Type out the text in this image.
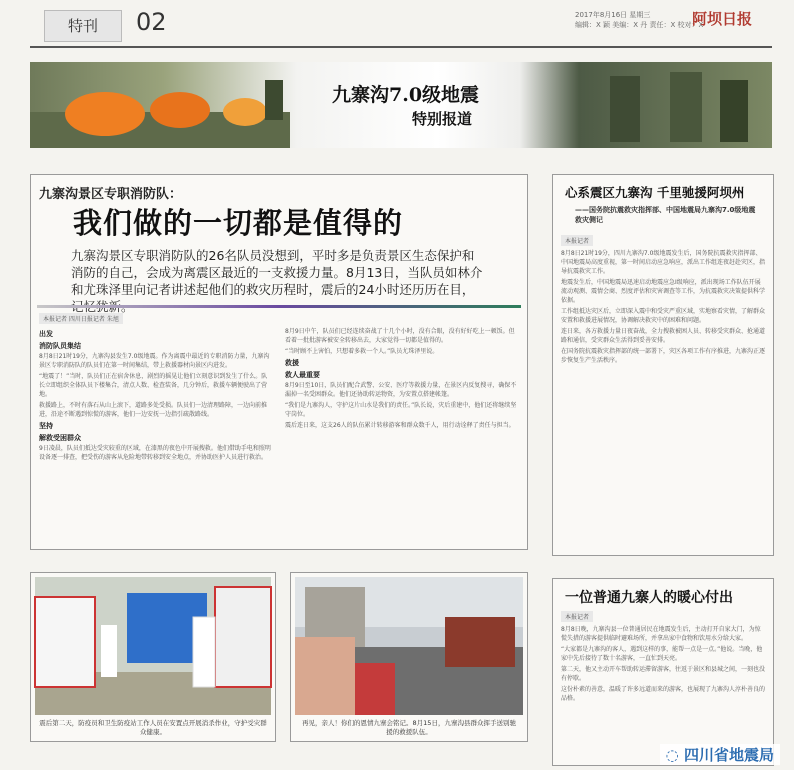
特刊	02	2017年8月16日 星期三
编辑：X 颖 美编：X 丹 责任：X 校对：X
阿坝日报
九寨沟7.0级地震
特别报道
九寨沟景区专职消防队：
我们做的一切都是值得的
九寨沟景区专职消防队的26名队员没想到，平时多是负责景区生态保护和消防的自己，会成为离震区最近的一支救援力量。8月13日，当队员如林介和尤珠泽里向记者讲述起他们的救灾历程时，震后的24小时还历历在目，
本报记者 四川日报记者 朱旭
出发
消防队员集结

8月8日21时19分，九寨沟县发生7.0级地震。作为离震中最近的专职消防力量，九寨沟景区专职消防队的队员们在第一时间集结，带上救援器材向景区内进发。

“地震了！”当时，队员们正在宿舍休息，剧烈的摇晃让他们立刻意识到发生了什么。队长立即组织全体队员下楼集合，清点人数、检查装备，几分钟后，救援车辆便驶出了营地。

救援路上，不时有落石从山上滚下，道路多处受损。队员们一边清理路障，一边向前推进，沿途不断遇到惊慌的游客，他们一边安抚一边指引疏散路线。

坚持
解救受困群众

9日凌晨，队员们抵达受灾较重的区域，在漆黑的夜色中开展搜救。他们借助手电和照明设备逐一排查，把受伤的游客从危险地带转移到安全地点，并协助医护人员进行救治。

8月9日中午，队员们已经连续奋战了十几个小时，没有合眼，没有好好吃上一顿饭。但看着一批批游客被安全转移出去，大家觉得一切都是值得的。

“当时顾不上害怕，只想着多救一个人。”队员尤珠泽里说。

救援
救人最重要

8月9日至10日，队员们配合武警、公安、医疗等救援力量，在景区内反复搜寻，确保不漏掉一名受困群众。他们还协助转运物资，为安置点搭建帐篷。

“我们是九寨沟人，守护这片山水是我们的责任。”队长说，灾后重建中，他们还将继续坚守岗位。

震后连日来，这支26人的队伍累计转移游客和群众数千人，用行动诠释了责任与担当。

心系震区九寨沟 千里驰援阿坝州
——国务院抗震救灾指挥部、中国地震局九寨沟7.0级地震救灾侧记
本报记者

8月8日21时19分，四川九寨沟7.0级地震发生后，国务院抗震救灾指挥部、中国地震局高度重视，第一时间启动应急响应，派出工作组连夜赶赴灾区，指导抗震救灾工作。

地震发生后，中国地震局迅速启动地震应急Ⅰ级响应，派出现场工作队伍开展流动观测、震情会商、烈度评估和灾害调查等工作，为抗震救灾决策提供科学依据。

工作组抵达灾区后，立即深入震中和受灾严重区域，实地察看灾情，了解群众安置和救援进展情况，协调解决救灾中的困难和问题。

连日来，各方救援力量日夜奋战，全力搜救被困人员、转移受灾群众、抢通道路和通信，受灾群众生活得到妥善安排。

在国务院抗震救灾指挥部的统一部署下，灾区各项工作有序推进，九寨沟正逐步恢复生产生活秩序。

震后第二天，防疫员和卫生防疫站工作人员在安置点开展消杀作业，守护受灾群众健康。
再见，亲人！你们的恩情九寨会铭记。8月15日，九寨沟县群众挥手送别驰援的救援队伍。
一位普通九寨人的暖心付出
本报记者

8月8日晚，九寨沟县一位普通居民在地震发生后，主动打开自家大门，为惊慌失措的游客提供临时避难场所，并拿出家中食物和饮用水分给大家。

“大家都是九寨沟的客人，遇到这样的事，能帮一点是一点。”他说。当晚，他家中先后接待了数十名游客，一直忙到天亮。

第二天，他又主动开车帮助转运滞留游客，往返于景区和县城之间，一刻也没有停歇。

这份朴素的善意，温暖了许多远道而来的游客，也展现了九寨沟人淳朴善良的品格。

◌ 四川省地震局
